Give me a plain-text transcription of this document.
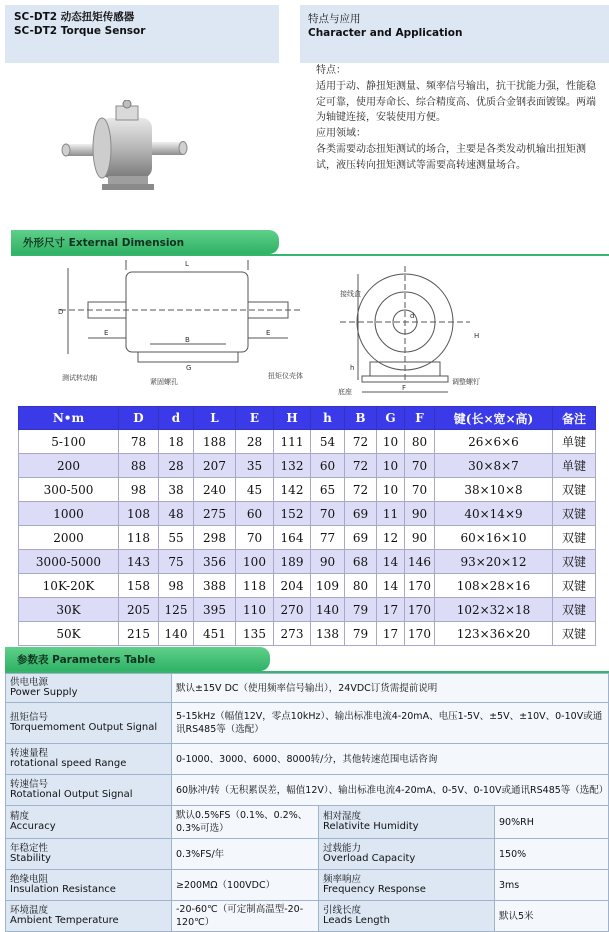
SC-DT2 动态扭矩传感器
SC-DT2 Torque Sensor
特点与应用
Character and Application
特点：
适用于动、静扭矩测量、频率信号输出，抗干扰能力强，性能稳定可靠，使用寿命长、综合精度高、优质合金钢表面镀镍。两端为轴键连接，安装使用方便。
应用领域：
各类需要动态扭矩测试的场合，主要是各类发动机输出扭矩测试，液压转向扭矩测试等需要高转速测量场合。
外形尺寸 External Dimension
L
D
E	E
B
G	h
H
F
d
测试转动轴	紧固螺孔
扭矩仪壳体
接线盒
底座
调整螺钉
N•m	D	d	L	E	H	h	B	G	F	键(长×宽×高)	备注
5-100	78	18	188	28	111	54	72	10	80	26×6×6	单键
200	88	28	207	35	132	60	72	10	70	30×8×7	单键
300-500	98	38	240	45	142	65	72	10	70	38×10×8	双键
1000	108	48	275	60	152	70	69	11	90	40×14×9	双键
2000	118	55	298	70	164	77	69	12	90	60×16×10	双键
3000-5000	143	75	356	100	189	90	68	14	146	93×20×12	双键
10K-20K	158	98	388	118	204	109	80	14	170	108×28×16	双键
30K	205	125	395	110	270	140	79	17	170	102×32×18	双键
50K	215	140	451	135	273	138	79	17	170	123×36×20	双键
参数表 Parameters Table
供电电源
Power Supply	默认±15V DC（使用频率信号输出），24VDC订货需提前说明		

扭矩信号
Torquemoment Output Signal	5-15kHz（幅值12V，零点10kHz）、输出标准电流4-20mA、电压1-5V、±5V、±10V、0-10V或通讯RS485等（选配）		

转速量程
rotational speed Range	0-1000、3000、6000、8000转/分，其他转速范围电话咨询		

转速信号
Rotational Output Signal	60脉冲/转（无积累误差，幅值12V）、输出标准电流4-20mA、0-5V、0-10V或通讯RS485等（选配）		

精度
Accuracy	默认0.5%FS（0.1%、0.2%、0.3%可选）	相对湿度
Relativite Humidity	90%RH

年稳定性
Stability	0.3%FS/年	过载能力
Overload Capacity	150%

绝缘电阻
Insulation Resistance	≥200MΩ（100VDC）	频率响应
Frequency Response	3ms

环境温度
Ambient Temperature	-20-60℃（可定制高温型-20-120℃）	引线长度
Leads Length	默认5米
